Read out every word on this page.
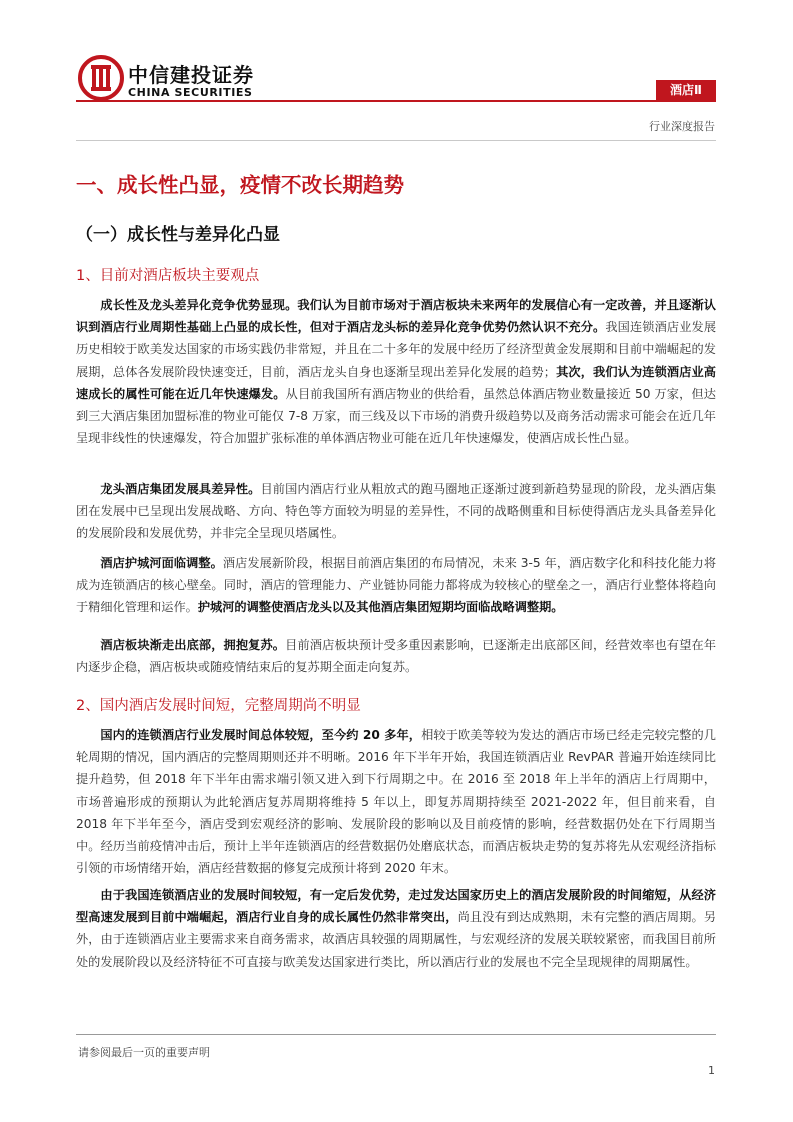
中信建投证券
CHINA SECURITIES	酒店Ⅱ
行业深度报告
一、成长性凸显，疫情不改长期趋势
（一）成长性与差异化凸显
1、目前对酒店板块主要观点

成长性及龙头差异化竞争优势显现。我们认为目前市场对于酒店板块未来两年的发展信心有一定改善，并且逐渐认识到酒店行业周期性基础上凸显的成长性，但对于酒店龙头标的差异化竞争优势仍然认识不充分。我国连锁酒店业发展历史相较于欧美发达国家的市场实践仍非常短，并且在二十多年的发展中经历了经济型黄金发展期和目前中端崛起的发展期，总体各发展阶段快速变迁，目前，酒店龙头自身也逐渐呈现出差异化发展的趋势；其次，我们认为连锁酒店业高速成长的属性可能在近几年快速爆发。从目前我国所有酒店物业的供给看，虽然总体酒店物业数量接近 50 万家，但达到三大酒店集团加盟标准的物业可能仅 7-8 万家，而三线及以下市场的消费升级趋势以及商务活动需求可能会在近几年呈现非线性的快速爆发，符合加盟扩张标准的单体酒店物业可能在近几年快速爆发，使酒店成长性凸显。

龙头酒店集团发展具差异性。目前国内酒店行业从粗放式的跑马圈地正逐渐过渡到新趋势显现的阶段，龙头酒店集团在发展中已呈现出发展战略、方向、特色等方面较为明显的差异性，不同的战略侧重和目标使得酒店龙头具备差异化的发展阶段和发展优势，并非完全呈现贝塔属性。

酒店护城河面临调整。酒店发展新阶段，根据目前酒店集团的布局情况，未来 3-5 年，酒店数字化和科技化能力将成为连锁酒店的核心壁垒。同时，酒店的管理能力、产业链协同能力都将成为较核心的壁垒之一，酒店行业整体将趋向于精细化管理和运作。护城河的调整使酒店龙头以及其他酒店集团短期均面临战略调整期。

酒店板块渐走出底部，拥抱复苏。目前酒店板块预计受多重因素影响，已逐渐走出底部区间，经营效率也有望在年内逐步企稳，酒店板块或随疫情结束后的复苏期全面走向复苏。

2、国内酒店发展时间短，完整周期尚不明显

国内的连锁酒店行业发展时间总体较短，至今约 20 多年，相较于欧美等较为发达的酒店市场已经走完较完整的几轮周期的情况，国内酒店的完整周期则还并不明晰。2016 年下半年开始，我国连锁酒店业 RevPAR 普遍开始连续同比提升趋势，但 2018 年下半年由需求端引领又进入到下行周期之中。在 2016 至 2018 年上半年的酒店上行周期中，市场普遍形成的预期认为此轮酒店复苏周期将维持 5 年以上，即复苏周期持续至 2021-2022 年，但目前来看，自 2018 年下半年至今，酒店受到宏观经济的影响、发展阶段的影响以及目前疫情的影响，经营数据仍处在下行周期当中。经历当前疫情冲击后，预计上半年连锁酒店的经营数据仍处磨底状态，而酒店板块走势的复苏将先从宏观经济指标引领的市场情绪开始，酒店经营数据的修复完成预计将到 2020 年末。

由于我国连锁酒店业的发展时间较短，有一定后发优势，走过发达国家历史上的酒店发展阶段的时间缩短，从经济型高速发展到目前中端崛起，酒店行业自身的成长属性仍然非常突出，尚且没有到达成熟期，未有完整的酒店周期。另外，由于连锁酒店业主要需求来自商务需求，故酒店具较强的周期属性，与宏观经济的发展关联较紧密，而我国目前所处的发展阶段以及经济特征不可直接与欧美发达国家进行类比，所以酒店行业的发展也不完全呈现规律的周期属性。

请参阅最后一页的重要声明
1
